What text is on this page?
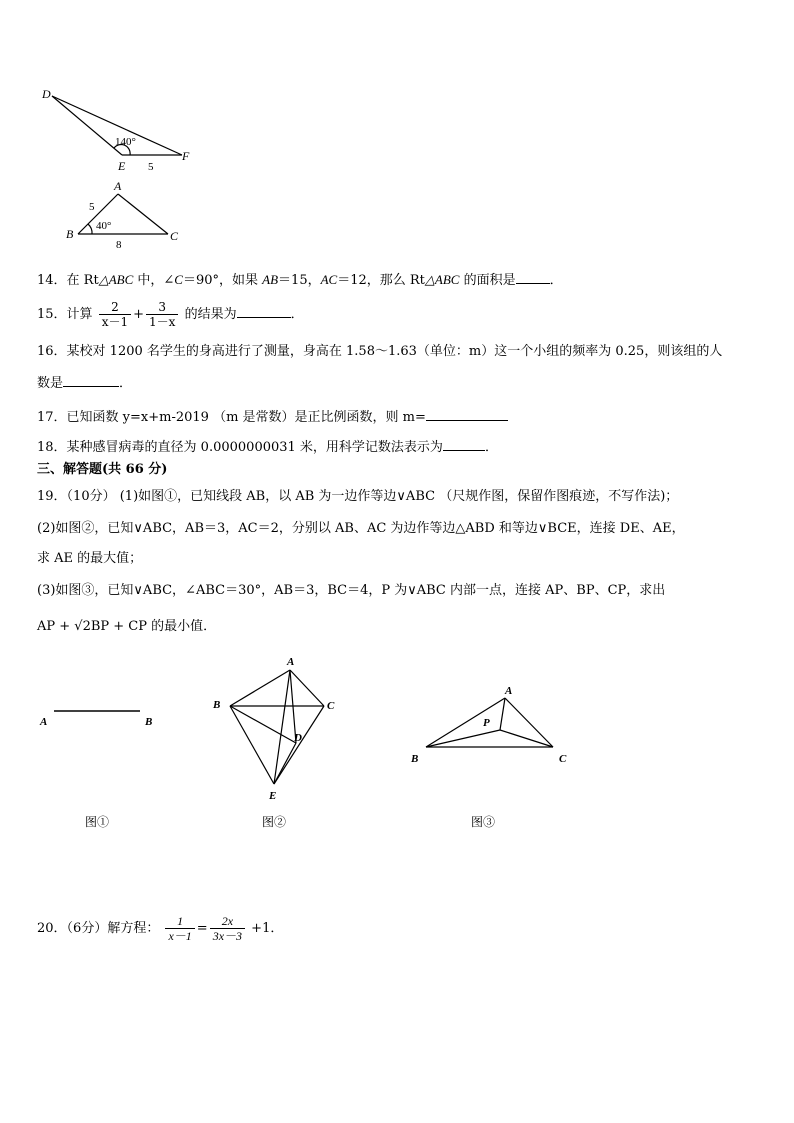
D
E
F
A
B	C
140°
5
5
40°
8
14．在 Rt△ABC 中，∠C＝90°，如果 AB＝15，AC＝12，那么 Rt△ABC 的面积是	．
15．计算 $\frac{2}{x-1} + \frac{3}{1-x}$ 的结果为	．
16．某校对 1200 名学生的身高进行了测量，身高在 1.58～1.63（单位：m）这一个小组的频率为 0.25，则该组的人
数是	．
17．已知函数 y=x+m-2019 （m 是常数）是正比例函数，则 m=
18．某种感冒病毒的直径为 0.0000000031 米，用科学记数法表示为	．
三、解答题(共 66 分)
19．（10分） (1)如图①，已知线段 AB，以 AB 为一边作等边∨ABC （尺规作图，保留作图痕迹，不写作法)；
(2)如图②，已知∨ABC，AB＝3，AC＝2，分别以 AB、AC 为边作等边△ABD 和等边∨BCE，连接 DE、AE，
求 AE 的最大值；
(3)如图③，已知∨ABC，∠ABC＝30°，AB＝3，BC＝4，P 为∨ABC 内部一点，连接 AP、BP、CP，求出
AP + √2BP + CP 的最小值．
A	B
图①
A
B	C
D
E
图②
A
P
B	C
图③
20．（6分）解方程： $\frac{1}{x-1} = \frac{2x}{3x-3} +1$．
